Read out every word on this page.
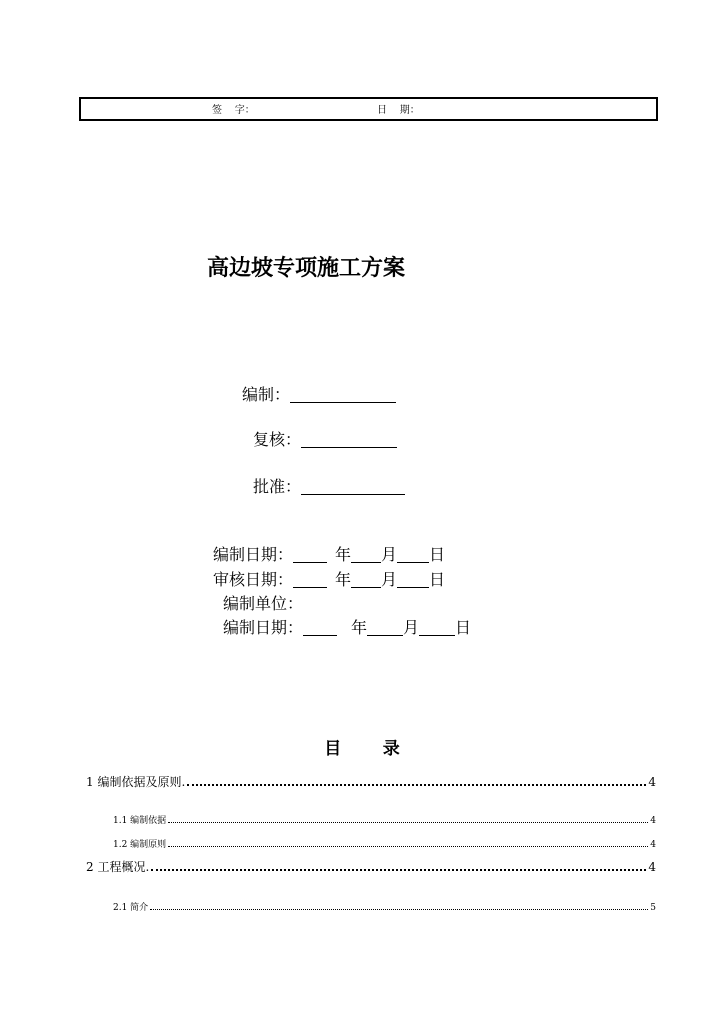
签    字：	日    期：
高边坡专项施工方案
编制：
复核：
批准：
编制日期：	年 月 日
审核日期：	年 月 日
编制单位：
编制日期：	年 月 日
目       录
1 编制依据及原则.	4
1.1 编制依据	4
1.2 编制原则	4
2 工程概况.	4
2.1 简介	5
